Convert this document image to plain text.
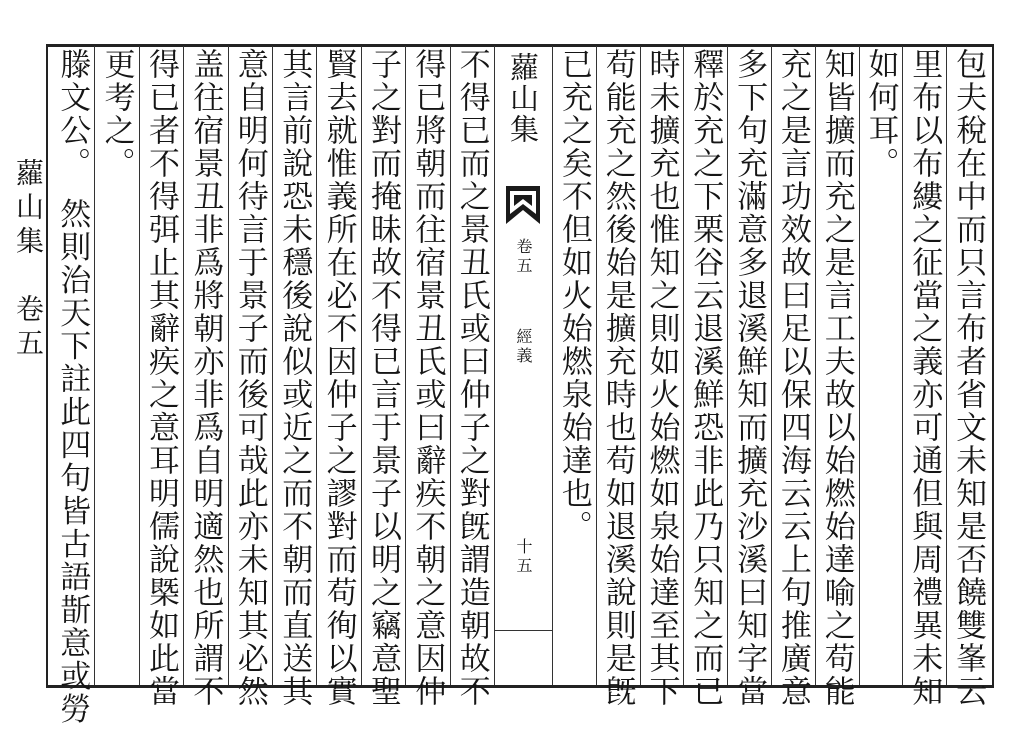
蘿山集　卷五	包夫稅在中而只言布者省文未知是否饒雙峯云
里布以布縷之征當之義亦可通但與周禮異未知
如何耳。
知皆擴而充之是言工夫故以始燃始達喻之苟能
充之是言功效故曰足以保四海云云上句推廣意
多下句充滿意多退溪鮮知而擴充沙溪曰知字當
釋於充之下栗谷云退溪鮮恐非此乃只知之而已
時未擴充也惟知之則如火始燃如泉始達至其下
苟能充之然後始是擴充時也苟如退溪說則是旣
蘿山集
卷五
經義
十五
不得已而之景丑氏或曰仲子之對旣謂造朝故不
得已將朝而往宿景丑氏或曰辭疾不朝之意因仲
子之對而掩昧故不得已言于景子以明之竊意聖
賢去就惟義所在必不因仲子之謬對而苟徇以實
其言前說恐未穩後說似或近之而不朝而直送其
意自明何待言于景子而後可哉此亦未知其必然
盖往宿景丑非爲將朝亦非爲自明適然也所謂不
得已者不得弭止其辭疾之意耳明儒說槩如此當
更考之。	已充之矣不但如火始燃泉始達也。
滕文公。　然則治天下註此四句皆古語斮意或勞
